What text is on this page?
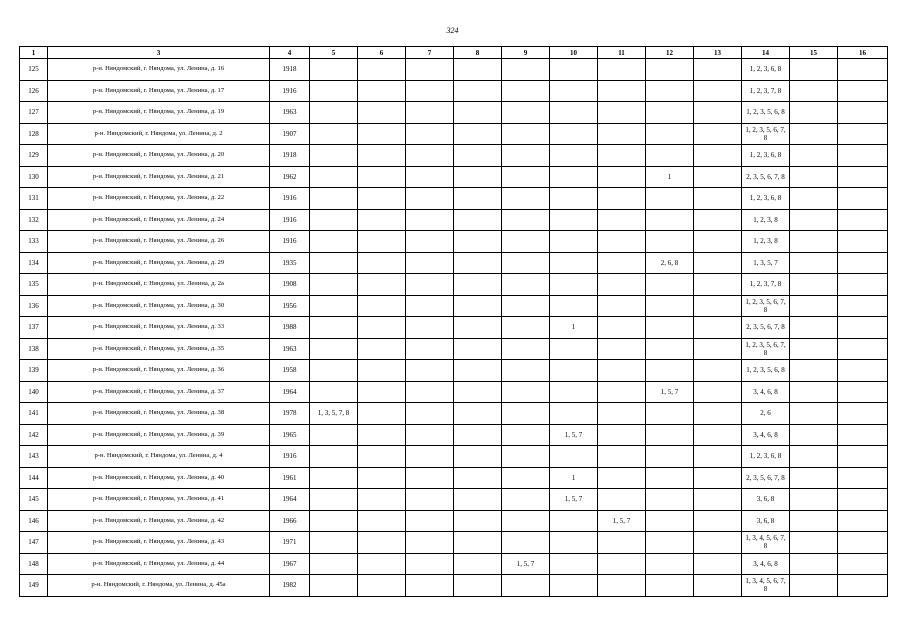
324
1	3	4	5	6	7	8	9	10	11	12	13	14	15	16
125	р-н. Няндомский, г. Няндома, ул. Ленина, д. 16	1918										1, 2, 3, 6, 8		
126	р-н. Няндомский, г. Няндома, ул. Ленина, д. 17	1916										1, 2, 3, 7, 8		
127	р-н. Няндомский, г. Няндома, ул. Ленина, д. 19	1963										1, 2, 3, 5, 6, 8		
128	р-н. Няндомский, г. Няндома, ул. Ленина, д. 2	1907										1, 2, 3, 5, 6, 7, 8		
129	р-н. Няндомский, г. Няндома, ул. Ленина, д. 20	1918										1, 2, 3, 6, 8		
130	р-н. Няндомский, г. Няндома, ул. Ленина, д. 21	1962								1		2, 3, 5, 6, 7, 8		
131	р-н. Няндомский, г. Няндома, ул. Ленина, д. 22	1916										1, 2, 3, 6, 8		
132	р-н. Няндомский, г. Няндома, ул. Ленина, д. 24	1916										1, 2, 3, 8		
133	р-н. Няндомский, г. Няндома, ул. Ленина, д. 26	1916										1, 2, 3, 8		
134	р-н. Няндомский, г. Няндома, ул. Ленина, д. 29	1935								2, 6, 8		1, 3, 5, 7		
135	р-н. Няндомский, г. Няндома, ул. Ленина, д. 2а	1908										1, 2, 3, 7, 8		
136	р-н. Няндомский, г. Няндома, ул. Ленина, д. 30	1956										1, 2, 3, 5, 6, 7, 8		
137	р-н. Няндомский, г. Няндома, ул. Ленина, д. 33	1988						1				2, 3, 5, 6, 7, 8		
138	р-н. Няндомский, г. Няндома, ул. Ленина, д. 35	1963										1, 2, 3, 5, 6, 7, 8		
139	р-н. Няндомский, г. Няндома, ул. Ленина, д. 36	1958										1, 2, 3, 5, 6, 8		
140	р-н. Няндомский, г. Няндома, ул. Ленина, д. 37	1964								1, 5, 7		3, 4, 6, 8		
141	р-н. Няндомский, г. Няндома, ул. Ленина, д. 38	1978	1, 3, 5, 7, 8									2, 6		
142	р-н. Няндомский, г. Няндома, ул. Ленина, д. 39	1965						1, 5, 7				3, 4, 6, 8		
143	р-н. Няндомский, г. Няндома, ул. Ленина, д. 4	1916										1, 2, 3, 6, 8		
144	р-н. Няндомский, г. Няндома, ул. Ленина, д. 40	1961						1				2, 3, 5, 6, 7, 8		
145	р-н. Няндомский, г. Няндома, ул. Ленина, д. 41	1964						1, 5, 7				3, 6, 8		
146	р-н. Няндомский, г. Няндома, ул. Ленина, д. 42	1966							1, 5, 7			3, 6, 8		
147	р-н. Няндомский, г. Няндома, ул. Ленина, д. 43	1971										1, 3, 4, 5, 6, 7, 8		
148	р-н. Няндомский, г. Няндома, ул. Ленина, д. 44	1967					1, 5, 7					3, 4, 6, 8		
149	р-н. Няндомский, г. Няндома, ул. Ленина, д. 45а	1982										1, 3, 4, 5, 6, 7, 8		
